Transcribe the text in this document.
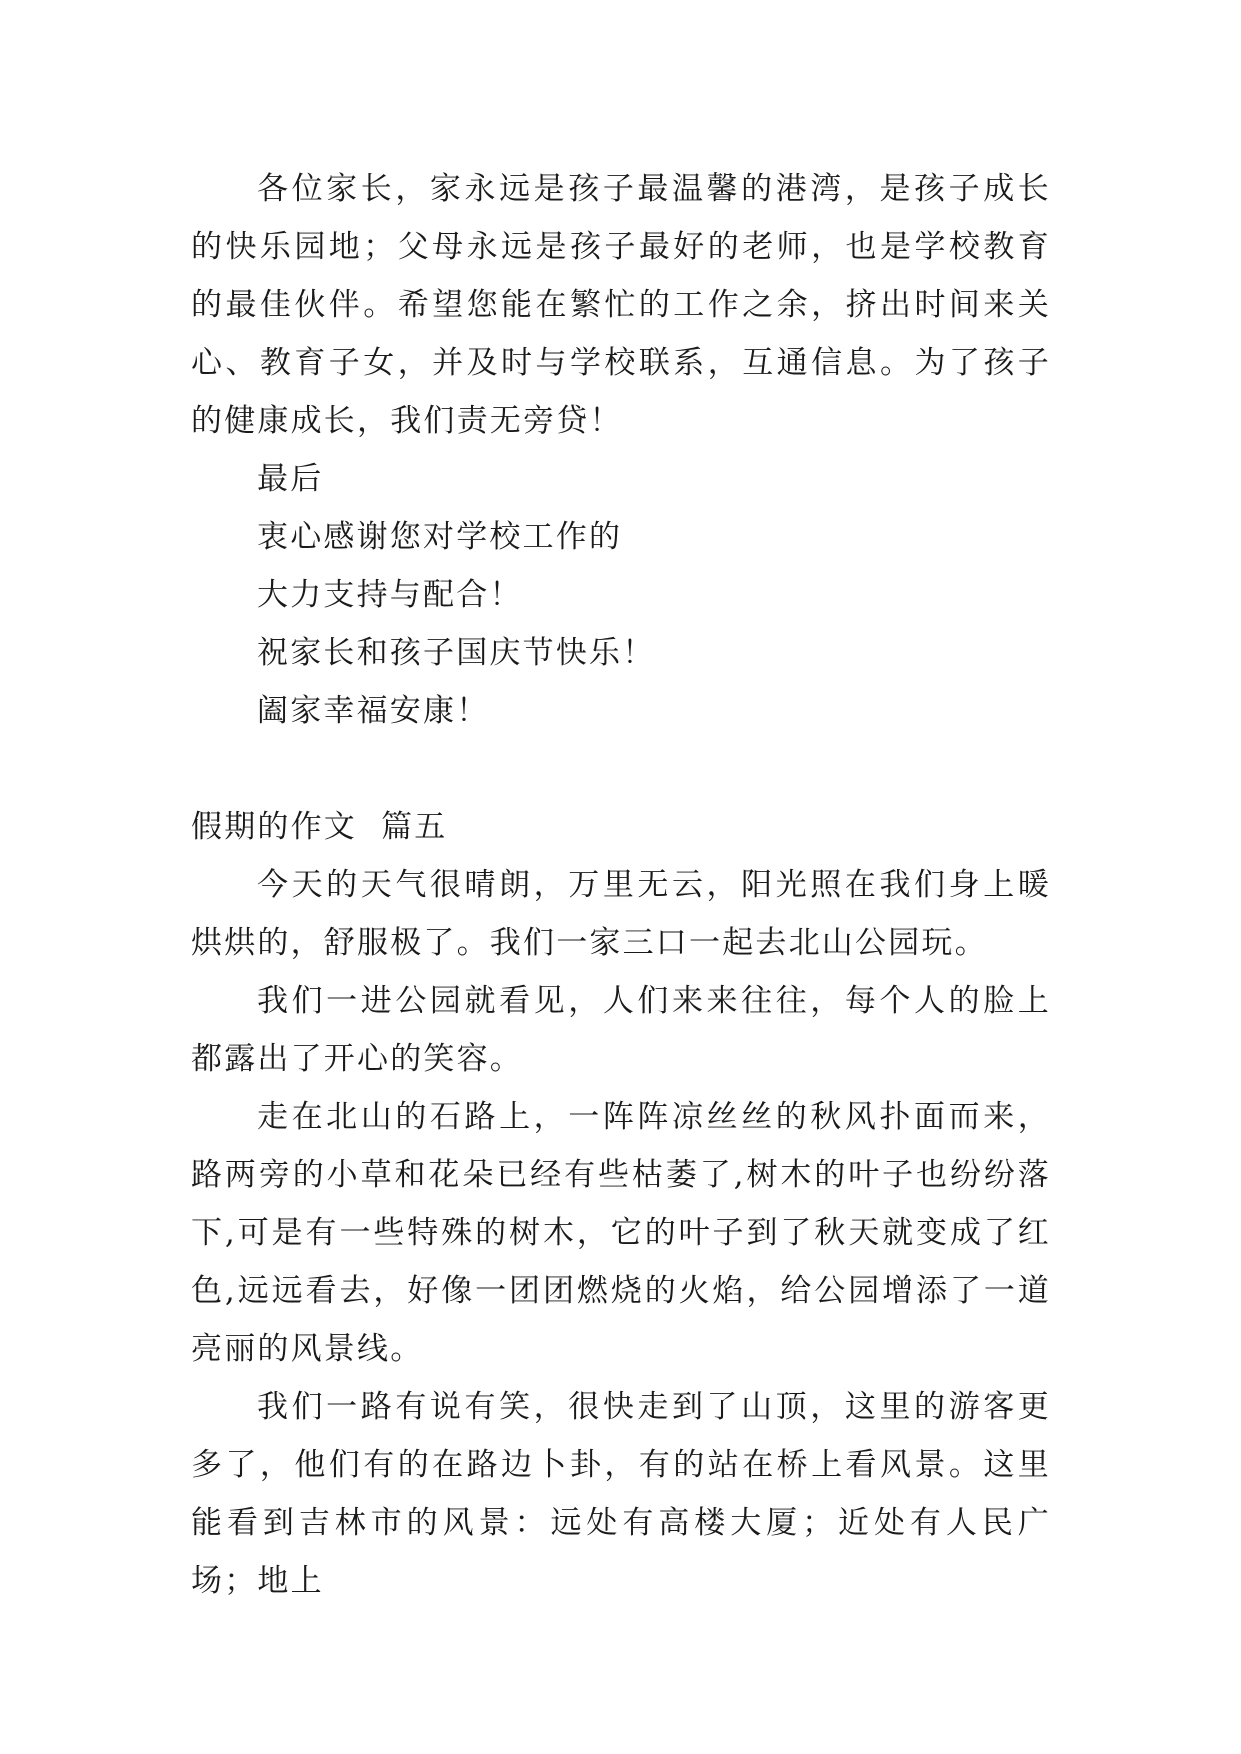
各位家长，家永远是孩子最温馨的港湾，是孩子成长的快乐园地；父母永远是孩子最好的老师，也是学校教育的最佳伙伴。希望您能在繁忙的工作之余，挤出时间来关心、教育子女，并及时与学校联系，互通信息。为了孩子的健康成长，我们责无旁贷！

最后

衷心感谢您对学校工作的

大力支持与配合！

祝家长和孩子国庆节快乐！

阖家幸福安康！

假期的作文  篇五

今天的天气很晴朗，万里无云，阳光照在我们身上暖烘烘的，舒服极了。我们一家三口一起去北山公园玩。

我们一进公园就看见，人们来来往往，每个人的脸上都露出了开心的笑容。

走在北山的石路上，一阵阵凉丝丝的秋风扑面而来，路两旁的小草和花朵已经有些枯萎了,树木的叶子也纷纷落下,可是有一些特殊的树木，它的叶子到了秋天就变成了红色,远远看去，好像一团团燃烧的火焰，给公园增添了一道亮丽的风景线。

我们一路有说有笑，很快走到了山顶，这里的游客更多了，他们有的在路边卜卦，有的站在桥上看风景。这里能看到吉林市的风景：远处有高楼大厦；近处有人民广场；地上
